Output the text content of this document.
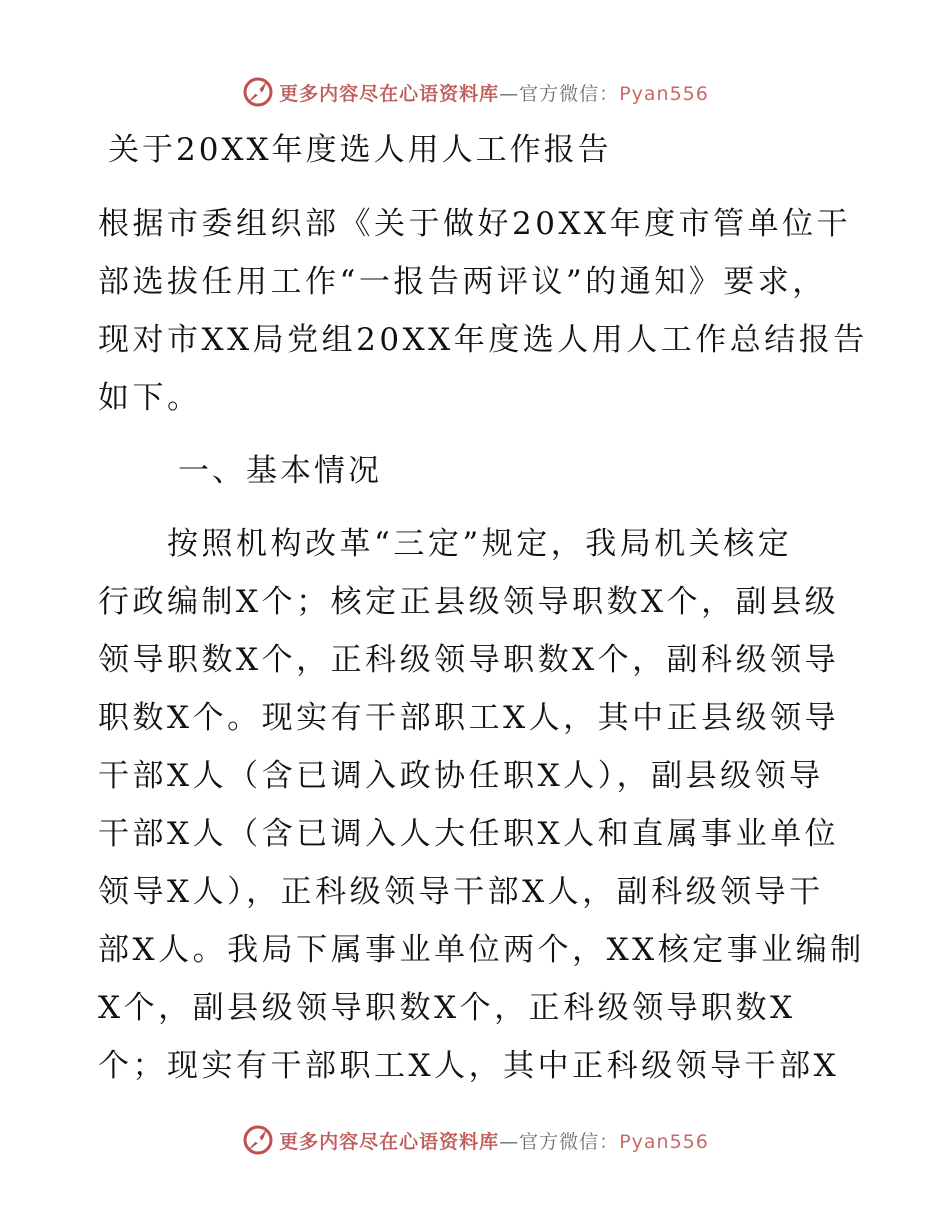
更多内容尽在心语资料库—官方微信：Pyan556
关于20XX年度选人用人工作报告
根据市委组织部《关于做好20XX年度市管单位干
部选拔任用工作“一报告两评议”的通知》要求，
现对市XX局党组20XX年度选人用人工作总结报告
如下。
一、基本情况
　　按照机构改革“三定”规定，我局机关核定
行政编制X个；核定正县级领导职数X个，副县级
领导职数X个，正科级领导职数X个，副科级领导
职数X个。现实有干部职工X人，其中正县级领导
干部X人（含已调入政协任职X人），副县级领导
干部X人（含已调入人大任职X人和直属事业单位
领导X人），正科级领导干部X人，副科级领导干
部X人。我局下属事业单位两个，XX核定事业编制
X个，副县级领导职数X个，正科级领导职数X
个；现实有干部职工X人，其中正科级领导干部X
更多内容尽在心语资料库—官方微信：Pyan556
